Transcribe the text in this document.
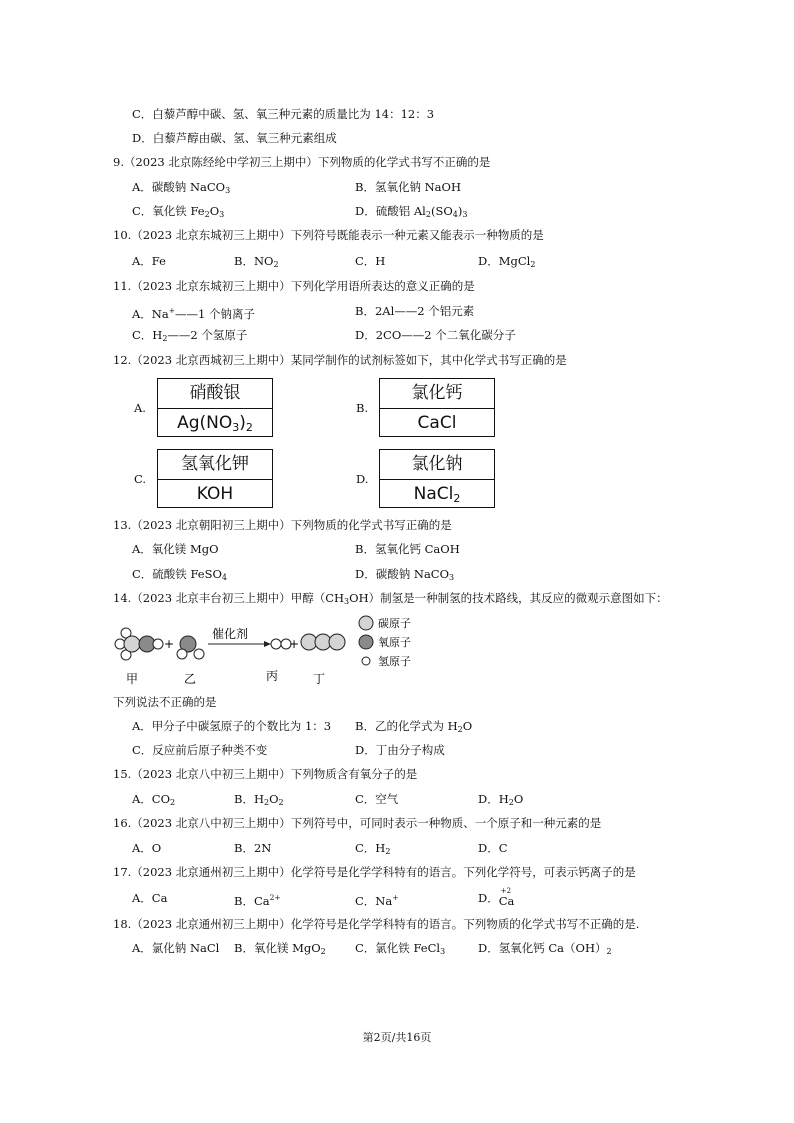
C．白藜芦醇中碳、氢、氧三种元素的质量比为 14：12：3
D．白藜芦醇由碳、氢、氧三种元素组成
9.（2023 北京陈经纶中学初三上期中）下列物质的化学式书写不正确的是
A．碳酸钠 NaCO$_3$	B．氢氧化钠 NaOH
C．氧化铁 $Fe_2O_3$	D．硫酸铝 $Al_2(SO_4)_3$
10.（2023 北京东城初三上期中）下列符号既能表示一种元素又能表示一种物质的是
A．Fe	B．$NO_2$	C．H	D．MgCl$_2$
11.（2023 北京东城初三上期中）下列化学用语所表达的意义正确的是
A．Na+——1 个钠离子	B．2Al——2 个铝元素
C．$H_2——2$ 个氢原子	D．2CO——2 个二氧化碳分子
12.（2023 北京西城初三上期中）某同学制作的试剂标签如下，其中化学式书写正确的是
A.
硝酸银
$Ag(NO_3)_2$
B.
氯化钙
CaCl
C.
氢氧化钾
KOH
D.
氯化钠
NaCl$_2$
13.（2023 北京朝阳初三上期中）下列物质的化学式书写正确的是
A．氧化镁 MgO	B．氢氧化钙 CaOH
C．硫酸铁 FeSO$_4$	D．碳酸钠 NaCO$_3$
14.（2023 北京丰台初三上期中）甲醇$(CH_3OH)$制氢是一种制氢的技术路线，其反应的微观示意图如下：
+
催化剂
+
碳原子
氧原子
氢原子
甲	乙	丙	丁
下列说法不正确的是
A．甲分子中碳氢原子的个数比为 1：3 B．乙的化学式为 $H_2O$
C．反应前后原子种类不变	D．丁由分子构成
15.（2023 北京八中初三上期中）下列物质含有氧分子的是
A．$CO_2$	B．$H_2O_2$	C．空气	D．$H_2O$
16.（2023 北京八中初三上期中）下列符号中，可同时表示一种物质、一个原子和一种元素的是
A．O	B．2N	C．$H_2$	D．C
17.（2023 北京通州初三上期中）化学符号是化学学科特有的语言。下列化学符号，可表示钙离子的是
A．Ca	B．$Ca^{2+}$	C．Na+	D． +2
Ca
18.（2023 北京通州初三上期中）化学符号是化学学科特有的语言。下列物质的化学式书写不正确的是.
A．氯化钠 NaCl B．氧化镁 MgO$_2$	C．氯化铁 FeCl$_3$	D．氢氧化钙 $Ca(OH)_2$
第2页/共16页
